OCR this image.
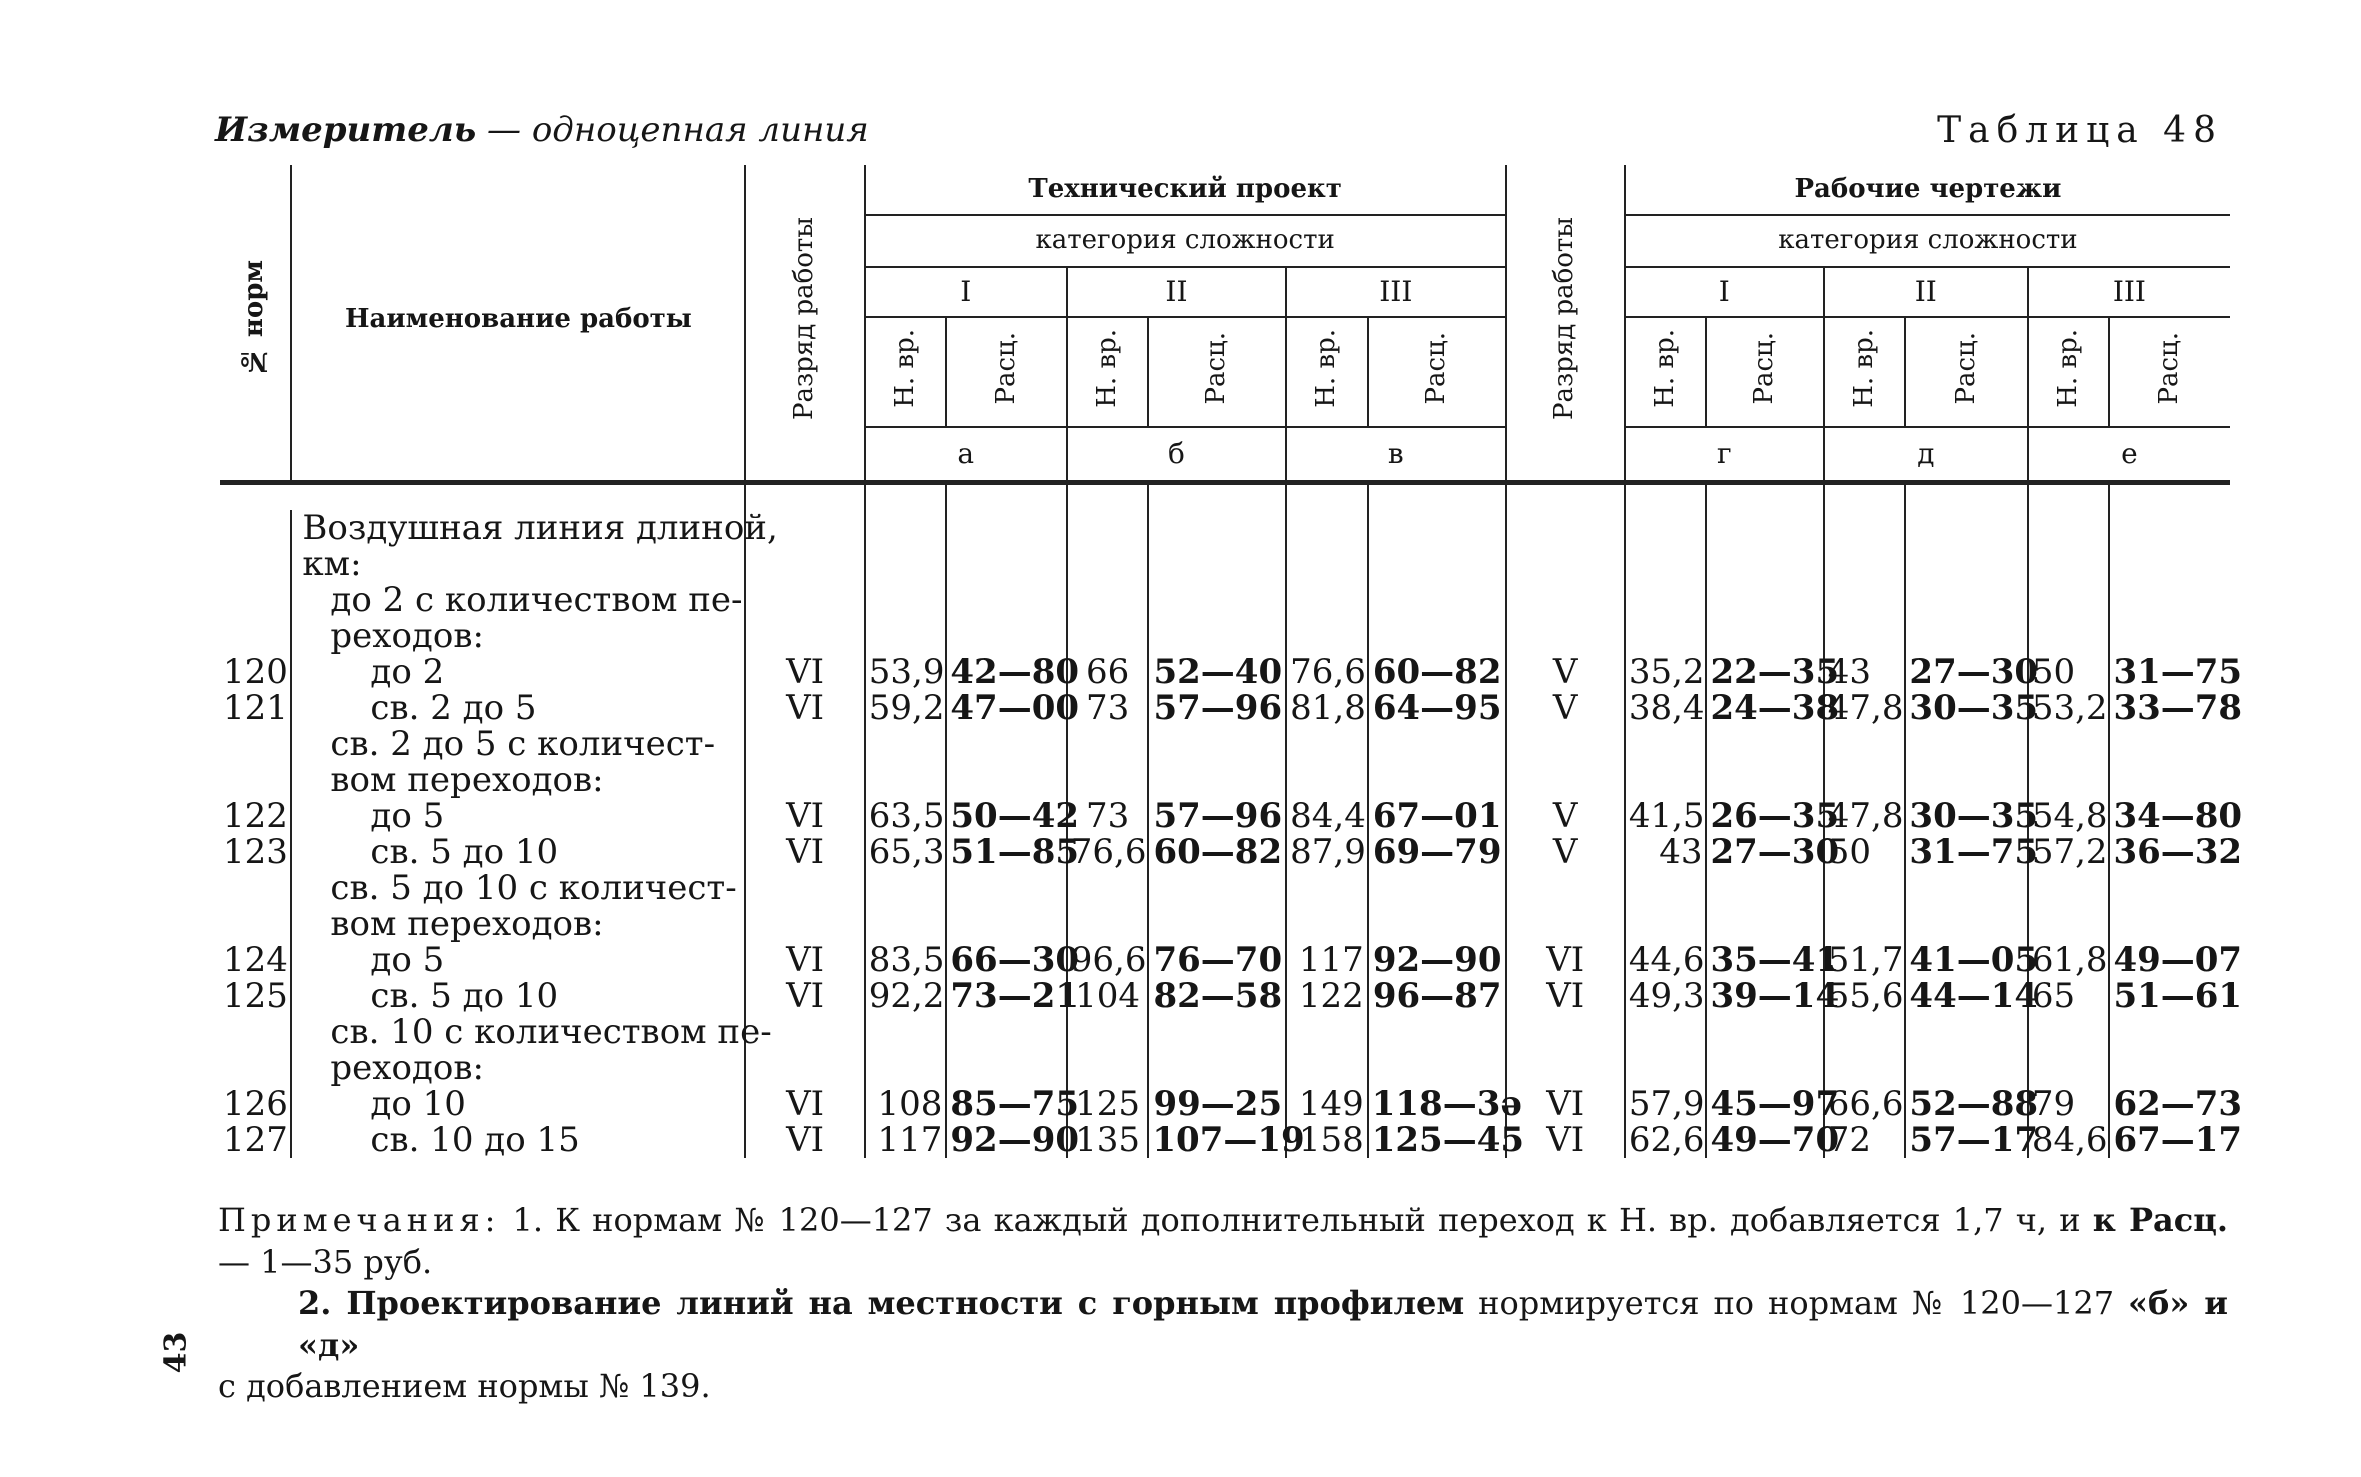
Измеритель — одноцепная линия	Таблица 48
№ норм	Наименование работы	Разряд работы	Технический проект						Разряд работы	Рабочие чертежи					
			категория сложности							категория сложности					
			I		II		III			I		II		III	
			Н. вр.	Расц.	Н. вр.	Расц.	Н. вр.	Расц.		Н. вр.	Расц.	Н. вр.	Расц.	Н. вр.	Расц.
			а		б		в			г		д		е	

	Воздушная линия длиной,														
	км:														
	до 2 с количеством пе-														
	реходов:														
120	до 2	VI	53,9	42—80	66	52—40	76,6	60—82	V	35,2	22—35	43	27—30	50	31—75
121	св. 2 до 5	VI	59,2	47—00	73	57—96	81,8	64—95	V	38,4	24—38	47,8	30—35	53,2	33—78
	св. 2 до 5 с количест-														
	вом переходов:														
122	до 5	VI	63,5	50—42	73	57—96	84,4	67—01	V	41,5	26—35	47,8	30—35	54,8	34—80
123	св. 5 до 10	VI	65,3	51—85	76,6	60—82	87,9	69—79	V	43	27—30	50	31—75	57,2	36—32
	св. 5 до 10 с количест-														
	вом переходов:														
124	до 5	VI	83,5	66—30	96,6	76—70	117	92—90	VI	44,6	35—41	51,7	41—05	61,8	49—07
125	св. 5 до 10	VI	92,2	73—21	104	82—58	122	96—87	VI	49,3	39—14	55,6	44—14	65	51—61
	св. 10 с количеством пе-														
	реходов:														
126	до 10	VI	108	85—75	125	99—25	149	118—3ə	VI	57,9	45—97	66,6	52—88	79	62—73
127	св. 10 до 15	VI	117	92—90	135	107—19	158	125—45	VI	62,6	49—70	72	57—17	84,6	67—17
Примечания: 1. К нормам № 120—127 за каждый дополнительный переход к Н. вр. добавляется 1,7 ч, и к Расц. — 1—35 руб.
2. Проектирование линий на местности с горным профилем нормируется по нормам № 120—127 «б» и «д»
с добавлением нормы № 139.
43
